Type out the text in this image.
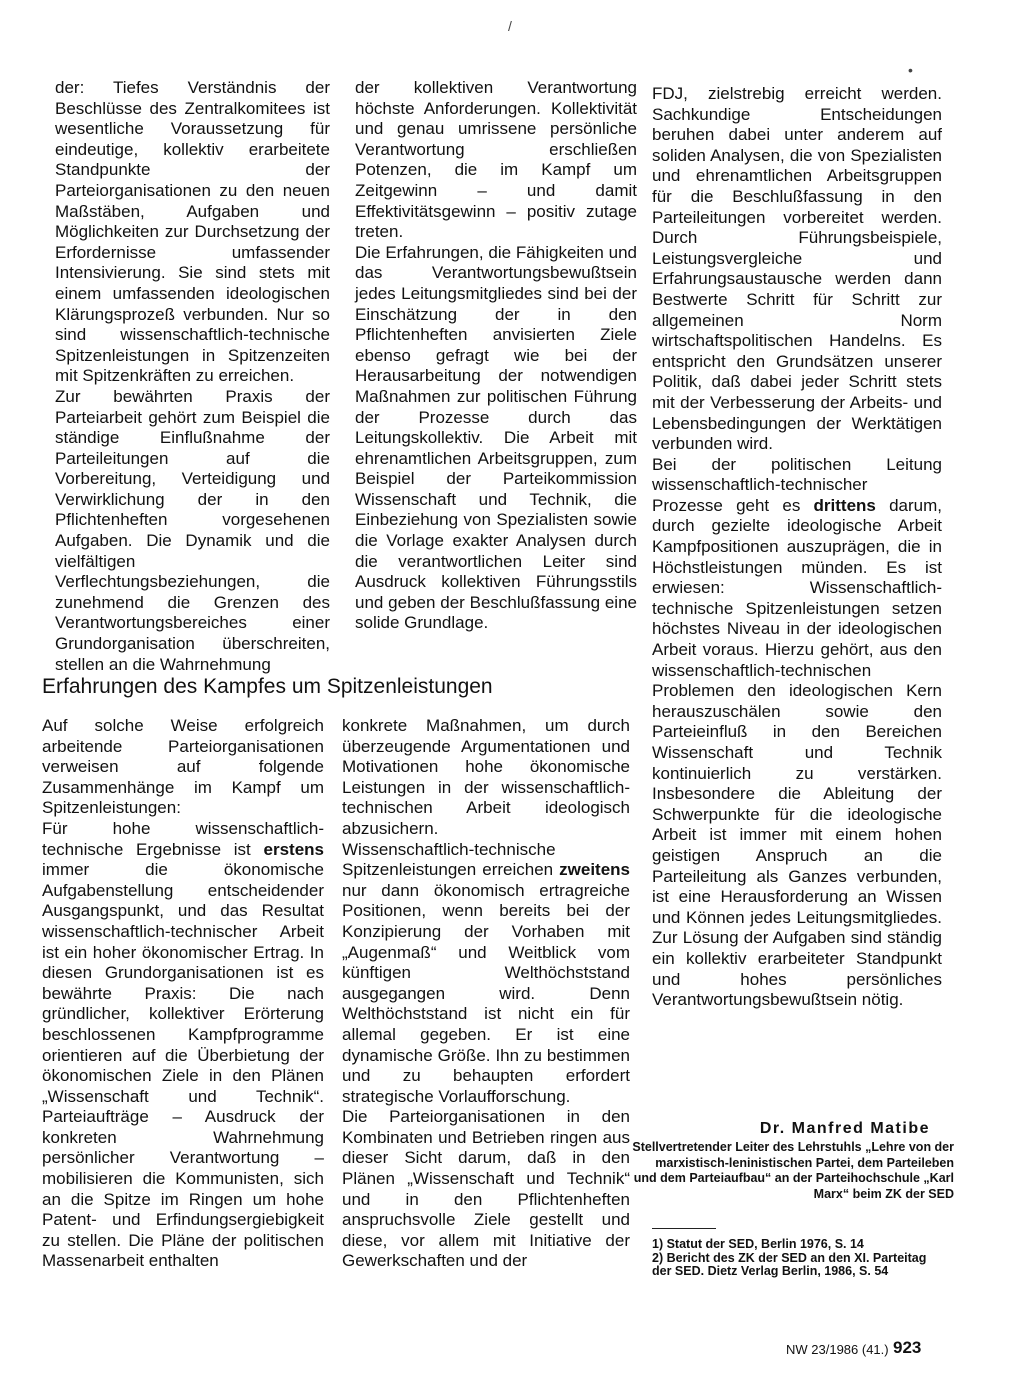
/
•

der: Tiefes Verständnis der Beschlüsse des Zentralkomitees ist wesentliche Voraussetzung für eindeutige, kollektiv erarbeitete Standpunkte der Parteiorganisationen zu den neuen Maßstäben, Aufgaben und Möglichkeiten zur Durchsetzung der Erfordernisse umfassender Intensivierung. Sie sind stets mit einem umfassenden ideologischen Klärungsprozeß verbunden. Nur so sind wissenschaftlich-technische Spitzenleistungen in Spitzenzeiten mit Spitzenkräften zu erreichen.

Zur bewährten Praxis der Parteiarbeit gehört zum Beispiel die ständige Einflußnahme der Parteileitungen auf die Vorbereitung, Verteidigung und Verwirklichung der in den Pflichtenheften vorgesehenen Aufgaben. Die Dynamik und die vielfältigen Verflechtungsbeziehungen, die zunehmend die Grenzen des Verantwortungsbereiches einer Grundorganisation überschreiten, stellen an die Wahrnehmung

der kollektiven Verantwortung höchste Anforderungen. Kollektivität und genau umrissene persönliche Verantwortung erschließen Potenzen, die im Kampf um Zeitgewinn – und damit Effektivitätsgewinn – positiv zutage treten.

Die Erfahrungen, die Fähigkeiten und das Verantwortungsbewußtsein jedes Leitungsmitgliedes sind bei der Einschätzung der in den Pflichtenheften anvisierten Ziele ebenso gefragt wie bei der Herausarbeitung der notwendigen Maßnahmen zur politischen Führung der Prozesse durch das Leitungskollektiv. Die Arbeit mit ehrenamtlichen Arbeitsgruppen, zum Beispiel der Parteikommission Wissenschaft und Technik, die Einbeziehung von Spezialisten sowie die Vorlage exakter Analysen durch die verantwortlichen Leiter sind Ausdruck kollektiven Führungsstils und geben der Beschlußfassung eine solide Grundlage.

FDJ, zielstrebig erreicht werden. Sachkundige Entscheidungen beruhen dabei unter anderem auf soliden Analysen, die von Spezialisten und ehrenamtlichen Arbeitsgruppen für die Beschlußfassung in den Parteileitungen vorbereitet werden. Durch Führungsbeispiele, Leistungsvergleiche und Erfahrungsaustausche werden dann Bestwerte Schritt für Schritt zur allgemeinen Norm wirtschaftspolitischen Handelns. Es entspricht den Grundsätzen unserer Politik, daß dabei jeder Schritt stets mit der Verbesserung der Arbeits- und Lebensbedingungen der Werktätigen verbunden wird.

Bei der politischen Leitung wissenschaftlich-technischer Prozesse geht es drittens darum, durch gezielte ideologische Arbeit Kampfpositionen auszuprägen, die in Höchstleistungen münden. Es ist erwiesen: Wissenschaftlich-technische Spitzenleistungen setzen höchstes Niveau in der ideologischen Arbeit voraus. Hierzu gehört, aus den wissenschaftlich-technischen Problemen den ideologischen Kern herauszuschälen sowie den Parteieinfluß in den Bereichen Wissenschaft und Technik kontinuierlich zu verstärken. Insbesondere die Ableitung der Schwerpunkte für die ideologische Arbeit ist immer mit einem hohen geistigen Anspruch an die Parteileitung als Ganzes verbunden, ist eine Herausforderung an Wissen und Können jedes Leitungsmitgliedes. Zur Lösung der Aufgaben sind ständig ein kollektiv erarbeiteter Standpunkt und hohes persönliches Verantwortungsbewußtsein nötig.

Erfahrungen des Kampfes um Spitzenleistungen

Auf solche Weise erfolgreich arbeitende Parteiorganisationen verweisen auf folgende Zusammenhänge im Kampf um Spitzenleistungen:

Für hohe wissenschaftlich-technische Ergebnisse ist erstens immer die ökonomische Aufgabenstellung entscheidender Ausgangspunkt, und das Resultat wissenschaftlich-technischer Arbeit ist ein hoher ökonomischer Ertrag. In diesen Grundorganisationen ist es bewährte Praxis: Die nach gründlicher, kollektiver Erörterung beschlossenen Kampfprogramme orientieren auf die Überbietung der ökonomischen Ziele in den Plänen „Wissenschaft und Technik“. Parteiaufträge – Ausdruck der konkreten Wahrnehmung persönlicher Verantwortung – mobilisieren die Kommunisten, sich an die Spitze im Ringen um hohe Patent- und Erfindungsergiebigkeit zu stellen. Die Pläne der politischen Massenarbeit enthalten

konkrete Maßnahmen, um durch überzeugende Argumentationen und Motivationen hohe ökonomische Leistungen in der wissenschaftlich-technischen Arbeit ideologisch abzusichern.

Wissenschaftlich-technische Spitzenleistungen erreichen zweitens nur dann ökonomisch ertragreiche Positionen, wenn bereits bei der Konzipierung der Vorhaben mit „Augenmaß“ und Weitblick vom künftigen Welthöchststand ausgegangen wird. Denn Welthöchststand ist nicht ein für allemal gegeben. Er ist eine dynamische Größe. Ihn zu bestimmen und zu behaupten erfordert strategische Vorlaufforschung.

Die Parteiorganisationen in den Kombinaten und Betrieben ringen aus dieser Sicht darum, daß in den Plänen „Wissenschaft und Technik“ und in den Pflichtenheften anspruchsvolle Ziele gestellt und diese, vor allem mit Initiative der Gewerkschaften und der

Dr. Manfred Matibe
Stellvertretender Leiter des Lehrstuhls „Lehre von der marxistisch-leninistischen Partei, dem Parteileben und dem Parteiaufbau“ an der Parteihochschule „Karl Marx“ beim ZK der SED

1) Statut der SED, Berlin 1976, S. 14

2) Bericht des ZK der SED an den XI. Parteitag der SED. Dietz Verlag Berlin, 1986, S. 54

NW 23/1986 (41.) 923
